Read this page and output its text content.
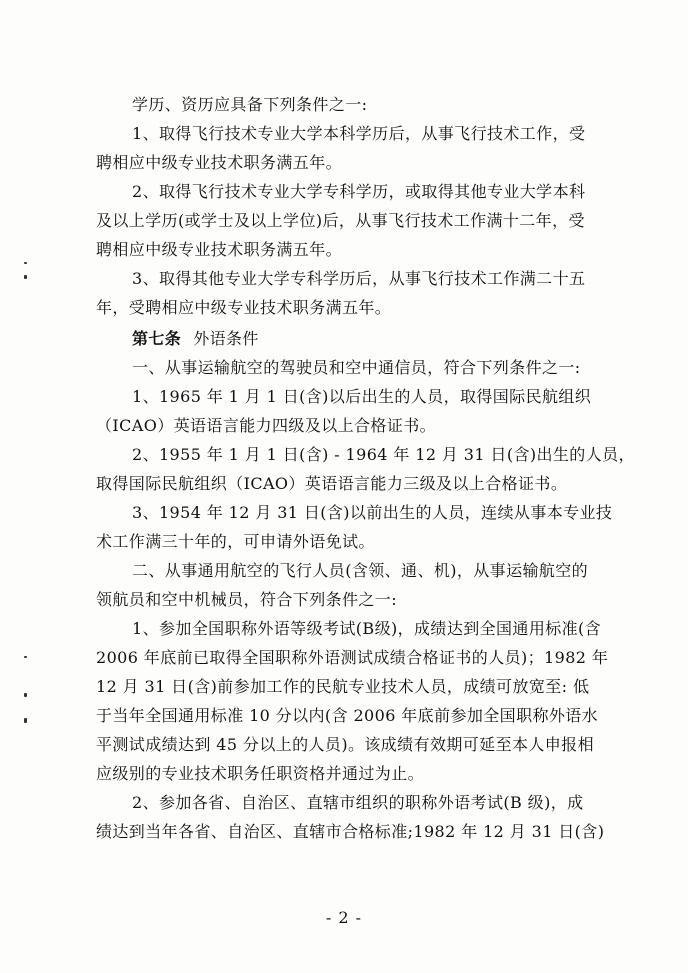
学历、资历应具备下列条件之一:
1、取得飞行技术专业大学本科学历后，从事飞行技术工作，受
聘相应中级专业技术职务满五年。
2、取得飞行技术专业大学专科学历，或取得其他专业大学本科
及以上学历(或学士及以上学位)后，从事飞行技术工作满十二年，受
聘相应中级专业技术职务满五年。
3、取得其他专业大学专科学历后，从事飞行技术工作满二十五
年，受聘相应中级专业技术职务满五年。
第七条 外语条件
一、从事运输航空的驾驶员和空中通信员，符合下列条件之一:
1、1965 年 1 月 1 日(含)以后出生的人员，取得国际民航组织
（ICAO）英语语言能力四级及以上合格证书。
2、1955 年 1 月 1 日(含) - 1964 年 12 月 31 日(含)出生的人员，
取得国际民航组织（ICAO）英语语言能力三级及以上合格证书。
3、1954 年 12 月 31 日(含)以前出生的人员，连续从事本专业技
术工作满三十年的，可申请外语免试。
二、从事通用航空的飞行人员(含领、通、机)，从事运输航空的
领航员和空中机械员，符合下列条件之一:
1、参加全国职称外语等级考试(B级)，成绩达到全国通用标准(含
2006 年底前已取得全国职称外语测试成绩合格证书的人员)；1982 年
12 月 31 日(含)前参加工作的民航专业技术人员，成绩可放宽至: 低
于当年全国通用标准 10 分以内(含 2006 年底前参加全国职称外语水
平测试成绩达到 45 分以上的人员)。该成绩有效期可延至本人申报相
应级别的专业技术职务任职资格并通过为止。
2、参加各省、自治区、直辖市组织的职称外语考试(B 级)，成
绩达到当年各省、自治区、直辖市合格标准;1982 年 12 月 31 日(含)
- 2 -
